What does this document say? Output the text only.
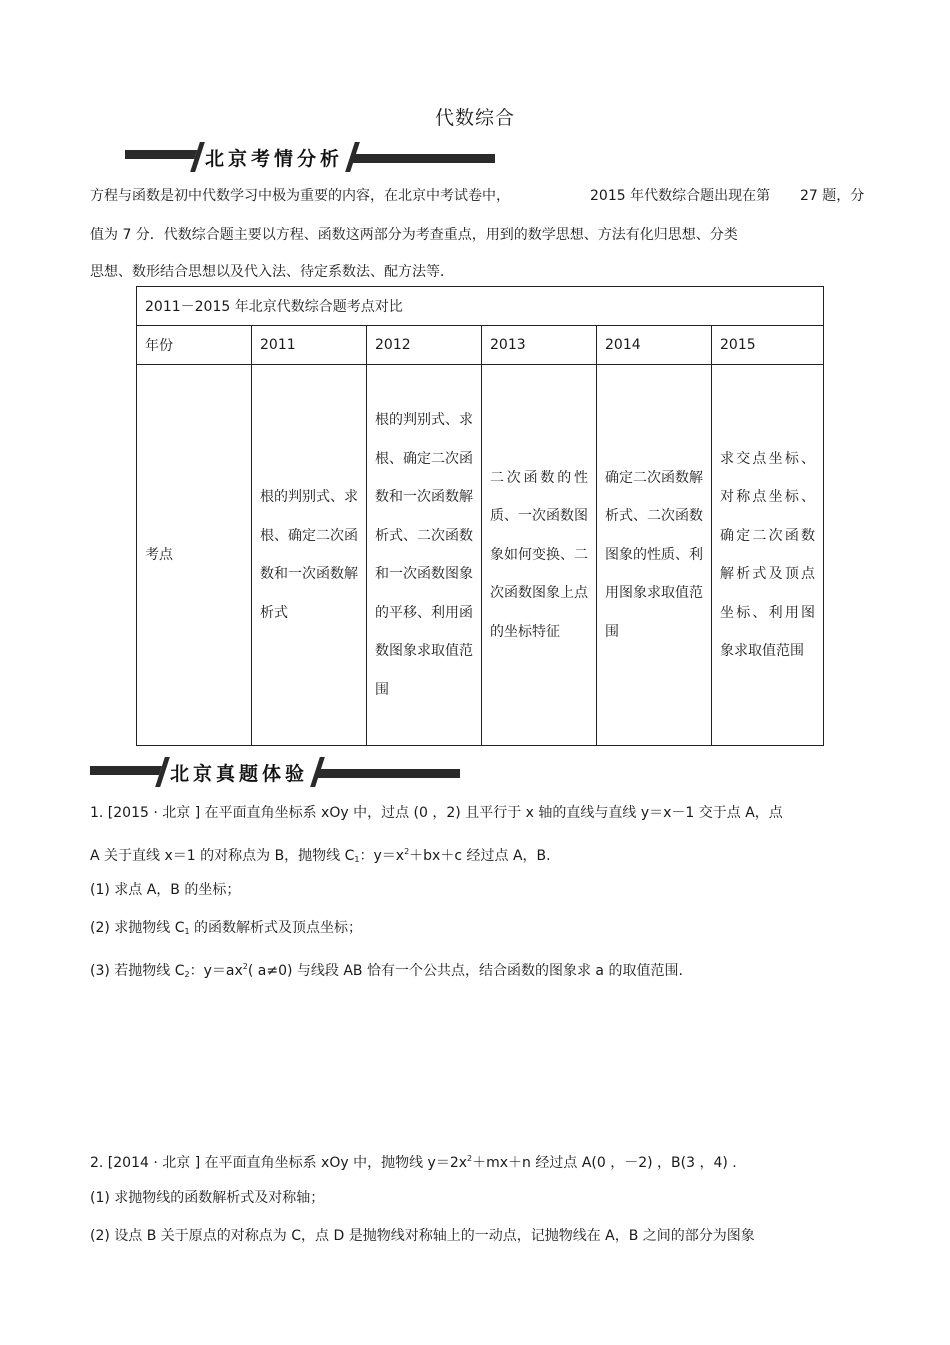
代数综合
北京考情分析
方程与函数是初中代数学习中极为重要的内容，在北京中考试卷中，	2015 年代数综合题出现在第 27 题，分
值为 7 分．代数综合题主要以方程、函数这两部分为考查重点，用到的数学思想、方法有化归思想、分类
思想、数形结合思想以及代入法、待定系数法、配方法等．
2011－2015 年北京代数综合题考点对比					
年份	2011	2012	2013	2014	2015
考点	根的判别式、求根、确定二次函数和一次函数解析式	根的判别式、求根、确定二次函数和一次函数解析式、二次函数和一次函数图象的平移、利用函数图象求取值范围	二次函数的性质、一次函数图象如何变换、二次函数图象上点的坐标特征	确定二次函数解析式、二次函数图象的性质、利用图象求取值范围	求交点坐标、对称点坐标、确定二次函数解析式及顶点坐标、利用图象求取值范围
北京真题体验
1. [2015 · 北京 ] 在平面直角坐标系 xOy 中，过点 (0 ，2) 且平行于 x 轴的直线与直线 y＝x－1 交于点 A，点
A 关于直线 x＝1 的对称点为 B，抛物线 $C_1$：$y=x^2+bx+c$ 经过点 A，B.
(1) 求点 A，B 的坐标；
(2) 求抛物线 $C_1$ 的函数解析式及顶点坐标；
(3) 若抛物线 $C_2$：$y=ax^2$( a≠0) 与线段 AB 恰有一个公共点，结合函数的图象求 a 的取值范围.
2. [2014 · 北京 ] 在平面直角坐标系 xOy 中，抛物线 $y=2x^2+mx+n$ 经过点 A(0 ，－2) ，B(3 ，4) .
(1) 求抛物线的函数解析式及对称轴；
(2) 设点 B 关于原点的对称点为 C，点 D 是抛物线对称轴上的一动点，记抛物线在 A，B 之间的部分为图象
